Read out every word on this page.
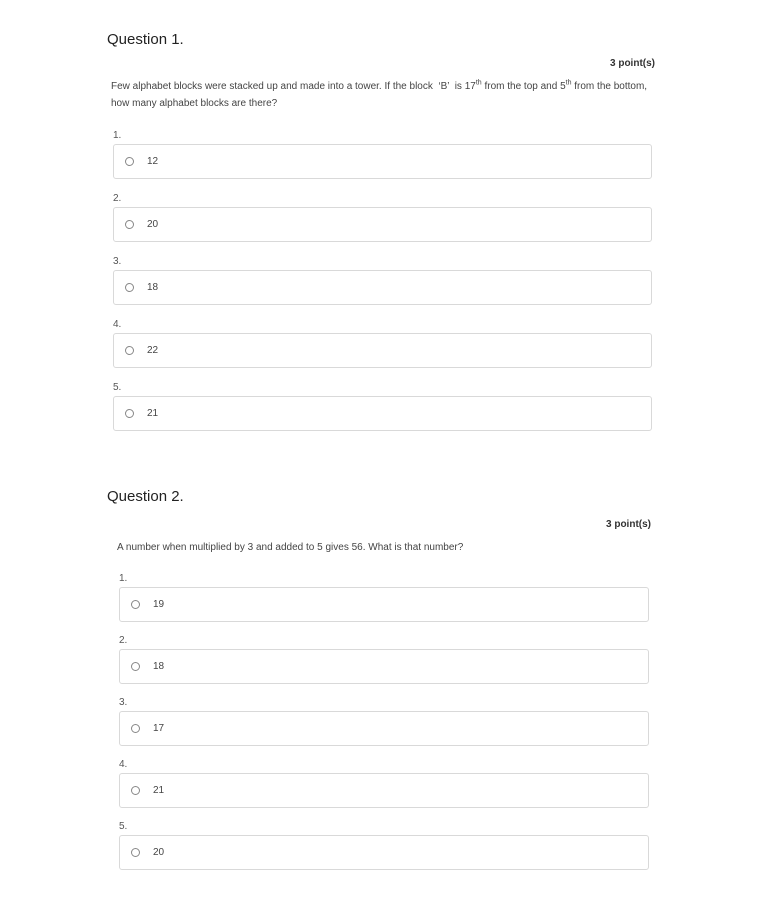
Question 1.
3 point(s)
Few alphabet blocks were stacked up and made into a tower. If the block  ‘B’  is 17th from the top and 5th from the bottom, how many alphabet blocks are there?
1.
12
2.
20
3.
18
4.
22
5.
21
Question 2.
3 point(s)
A number when multiplied by 3 and added to 5 gives 56. What is that number?
1.
19
2.
18
3.
17
4.
21
5.
20
